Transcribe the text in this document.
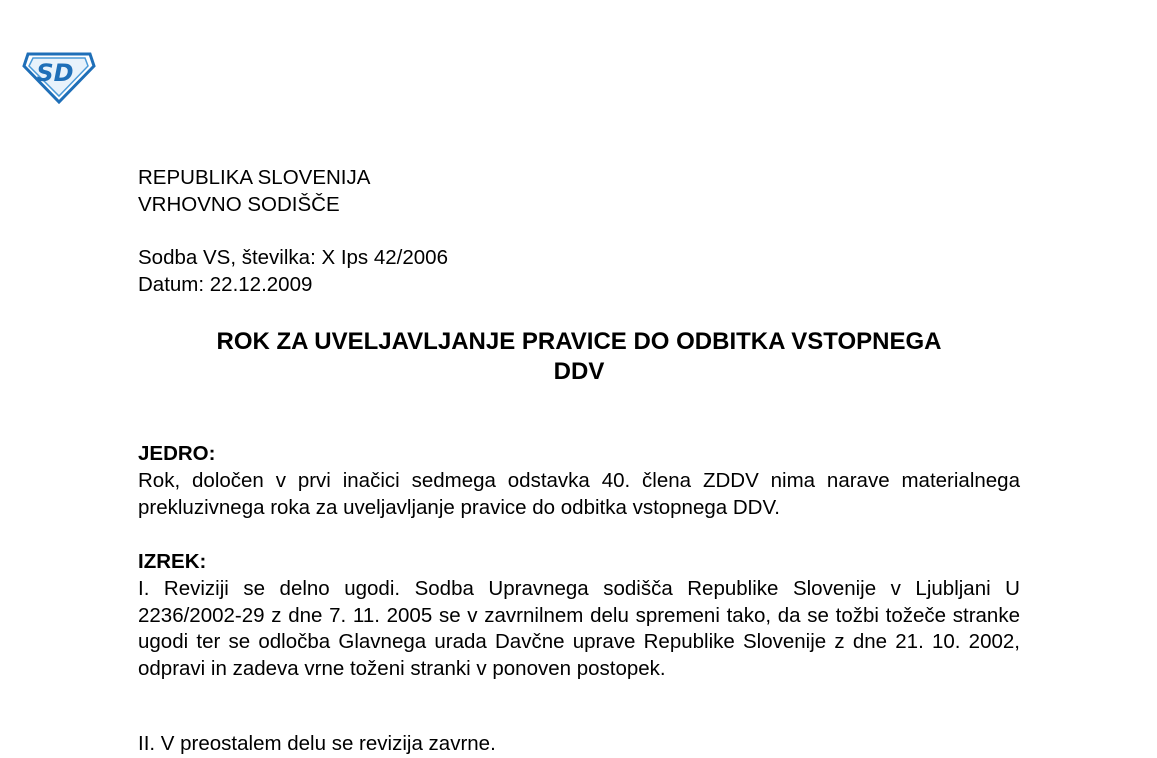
SD
REPUBLIKA SLOVENIJA
VRHOVNO SODIŠČE
Sodba VS, številka: X Ips 42/2006
Datum: 22.12.2009
ROK ZA UVELJAVLJANJE PRAVICE DO ODBITKA VSTOPNEGA
DDV
JEDRO:

Rok, določen v prvi inačici sedmega odstavka 40. člena ZDDV nima narave materialnega prekluzivnega roka za uveljavljanje pravice do odbitka vstopnega DDV.

IZREK:

I. Reviziji se delno ugodi. Sodba Upravnega sodišča Republike Slovenije v Ljubljani U 2236/2002-29 z dne 7. 11. 2005 se v zavrnilnem delu spremeni tako, da se tožbi tožeče stranke ugodi ter se odločba Glavnega urada Davčne uprave Republike Slovenije z dne 21. 10. 2002, odpravi in zadeva vrne toženi stranki v ponoven postopek.

II. V preostalem delu se revizija zavrne.
